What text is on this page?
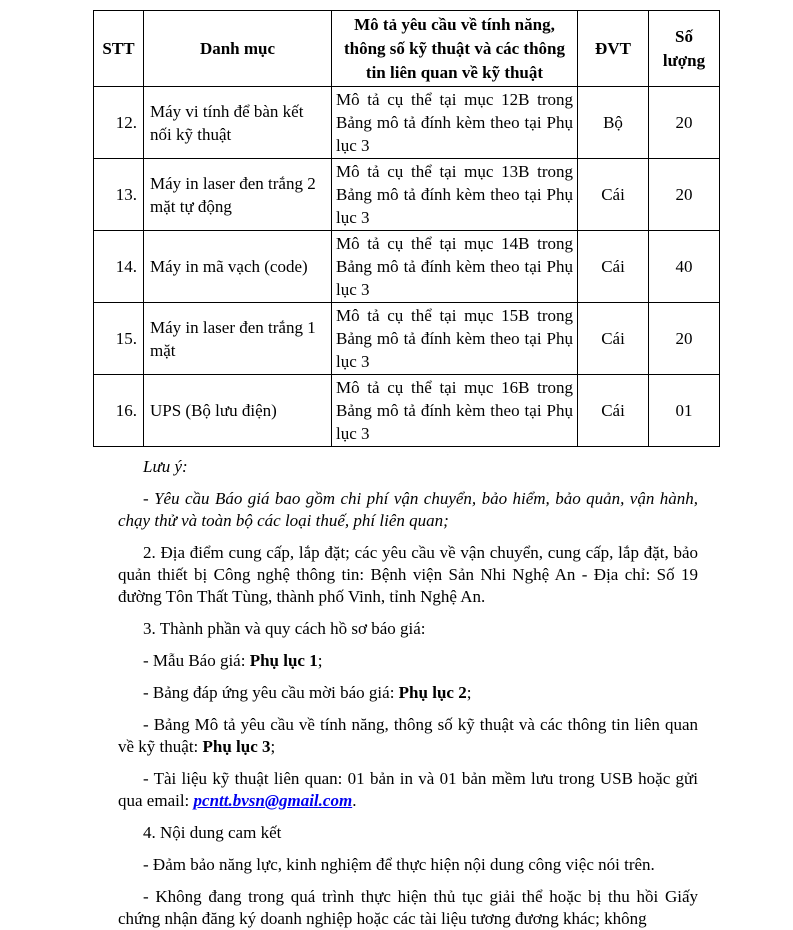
STT	Danh mục	Mô tả yêu cầu về tính năng, thông số kỹ thuật và các thông tin liên quan về kỹ thuật	ĐVT	Số lượng
12.	Máy vi tính để bàn kết nối kỹ thuật	Mô tả cụ thể tại mục 12B trong Bảng mô tả đính kèm theo tại Phụ lục 3	Bộ	20
13.	Máy in laser đen trắng 2 mặt tự động	Mô tả cụ thể tại mục 13B trong Bảng mô tả đính kèm theo tại Phụ lục 3	Cái	20
14.	Máy in mã vạch (code)	Mô tả cụ thể tại mục 14B trong Bảng mô tả đính kèm theo tại Phụ lục 3	Cái	40
15.	Máy in laser đen trắng 1 mặt	Mô tả cụ thể tại mục 15B trong Bảng mô tả đính kèm theo tại Phụ lục 3	Cái	20
16.	UPS (Bộ lưu điện)	Mô tả cụ thể tại mục 16B trong Bảng mô tả đính kèm theo tại Phụ lục 3	Cái	01

Lưu ý:

- Yêu cầu Báo giá bao gồm chi phí vận chuyển, bảo hiểm, bảo quản, vận hành, chạy thử và toàn bộ các loại thuế, phí liên quan;

2. Địa điểm cung cấp, lắp đặt; các yêu cầu về vận chuyển, cung cấp, lắp đặt, bảo quản thiết bị Công nghệ thông tin: Bệnh viện Sản Nhi Nghệ An - Địa chỉ: Số 19 đường Tôn Thất Tùng, thành phố Vinh, tỉnh Nghệ An.

3. Thành phần và quy cách hồ sơ báo giá:

- Mẫu Báo giá: Phụ lục 1;

- Bảng đáp ứng yêu cầu mời báo giá: Phụ lục 2;

- Bảng Mô tả yêu cầu về tính năng, thông số kỹ thuật và các thông tin liên quan về kỹ thuật: Phụ lục 3;

- Tài liệu kỹ thuật liên quan: 01 bản in và 01 bản mềm lưu trong USB hoặc gửi qua email: pcntt.bvsn@gmail.com.

4. Nội dung cam kết

- Đảm bảo năng lực, kinh nghiệm để thực hiện nội dung công việc nói trên.

- Không đang trong quá trình thực hiện thủ tục giải thể hoặc bị thu hồi Giấy chứng nhận đăng ký doanh nghiệp hoặc các tài liệu tương đương khác; không
